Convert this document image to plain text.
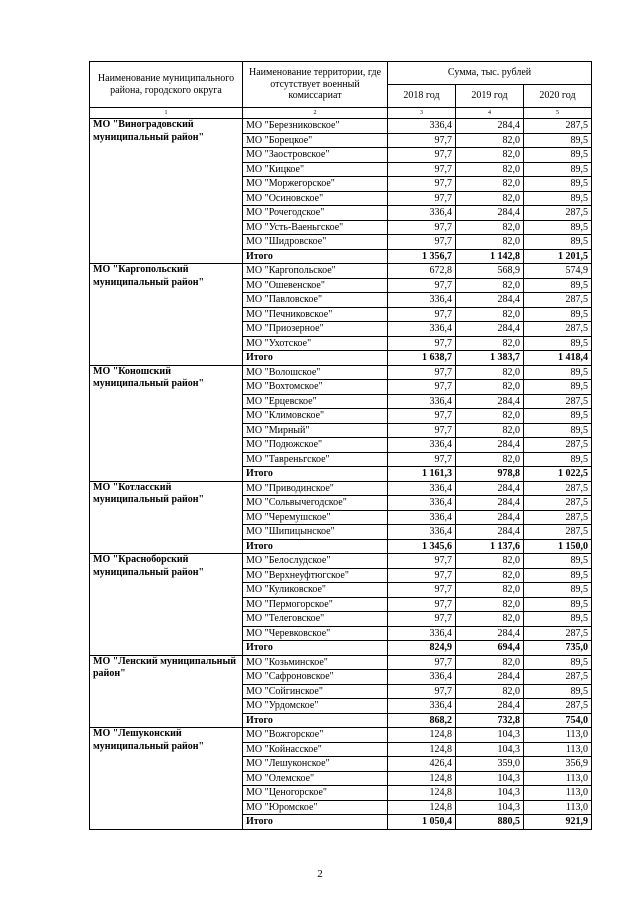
Наименование муниципального района, городского округа	Наименование территории, где отсутствует военный комиссариат	Сумма, тыс. рублей		
		2018 год	2019 год	2020 год
1	2	3	4	5
МО "Виноградовский муниципальный район"	МО "Березниковское"	336,4	284,4	287,5
	МО "Борецкое"	97,7	82,0	89,5
	МО "Заостровское"	97,7	82,0	89,5
	МО "Кицкое"	97,7	82,0	89,5
	МО "Моржегорское"	97,7	82,0	89,5
	МО "Осиновское"	97,7	82,0	89,5
	МО "Рочегодское"	336,4	284,4	287,5
	МО "Усть-Ваеньгское"	97,7	82,0	89,5
	МО "Шидровское"	97,7	82,0	89,5
	Итого	1 356,7	1 142,8	1 201,5
МО "Каргопольский муниципальный район"	МО "Каргопольское"	672,8	568,9	574,9
	МО "Ошевенское"	97,7	82,0	89,5
	МО "Павловское"	336,4	284,4	287,5
	МО "Печниковское"	97,7	82,0	89,5
	МО "Приозерное"	336,4	284,4	287,5
	МО "Ухотское"	97,7	82,0	89,5
	Итого	1 638,7	1 383,7	1 418,4
МО "Коношский муниципальный район"	МО "Волошское"	97,7	82,0	89,5
	МО "Вохтомское"	97,7	82,0	89,5
	МО "Ерцевское"	336,4	284,4	287,5
	МО "Климовское"	97,7	82,0	89,5
	МО "Мирный"	97,7	82,0	89,5
	МО "Подюжское"	336,4	284,4	287,5
	МО "Тавреньгское"	97,7	82,0	89,5
	Итого	1 161,3	978,8	1 022,5
МО "Котласский муниципальный район"	МО "Приводинское"	336,4	284,4	287,5
	МО "Сольвычегодское"	336,4	284,4	287,5
	МО "Черемушское"	336,4	284,4	287,5
	МО "Шипицынское"	336,4	284,4	287,5
	Итого	1 345,6	1 137,6	1 150,0
МО "Красноборский муниципальный район"	МО "Белослудское"	97,7	82,0	89,5
	МО "Верхнеуфтюгское"	97,7	82,0	89,5
	МО "Куликовское"	97,7	82,0	89,5
	МО "Пермогорское"	97,7	82,0	89,5
	МО "Телеговское"	97,7	82,0	89,5
	МО "Черевковское"	336,4	284,4	287,5
	Итого	824,9	694,4	735,0
МО "Ленский муниципальный район"	МО "Козьминское"	97,7	82,0	89,5
	МО "Сафроновское"	336,4	284,4	287,5
	МО "Сойгинское"	97,7	82,0	89,5
	МО "Урдомское"	336,4	284,4	287,5
	Итого	868,2	732,8	754,0
МО "Лешуконский муниципальный район"	МО "Вожгорское"	124,8	104,3	113,0
	МО "Койнасское"	124,8	104,3	113,0
	МО "Лешуконское"	426,4	359,0	356,9
	МО "Олемское"	124,8	104,3	113,0
	МО "Ценогорское"	124,8	104,3	113,0
	МО "Юромское"	124,8	104,3	113,0
	Итого	1 050,4	880,5	921,9
2
